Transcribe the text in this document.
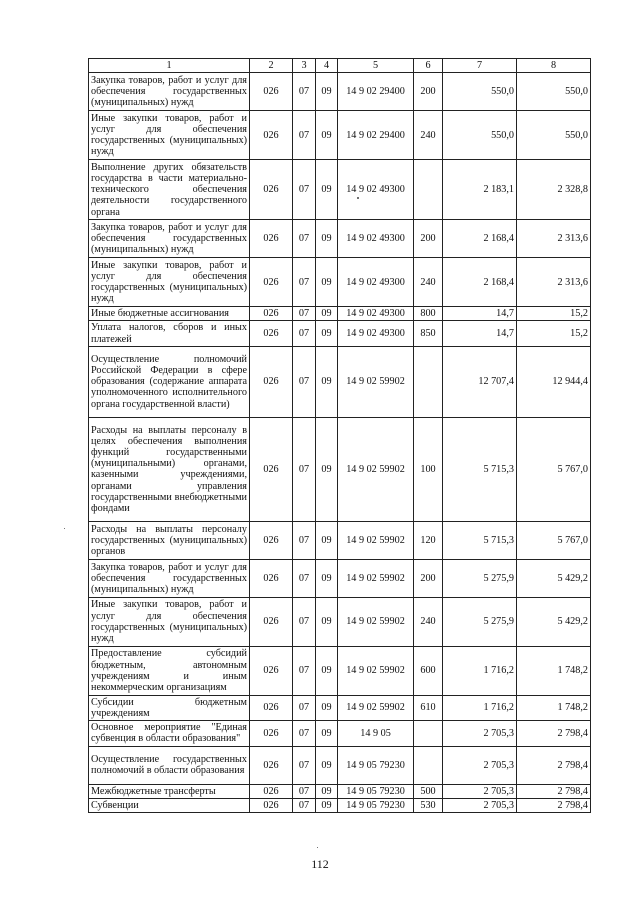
1	2	3	4	5	6	7	8
Закупка товаров, работ и услуг для обеспечения государственных (муниципальных) нужд	026	07	09	14 9 02 29400	200	550,0	550,0
Иные закупки товаров, работ и услуг для обеспечения государственных (муниципальных) нужд	026	07	09	14 9 02 29400	240	550,0	550,0
Выполнение других обязательств государства в части материально-технического обеспечения деятельности государственного органа	026	07	09	14 9 02 49300		2 183,1	2 328,8
Закупка товаров, работ и услуг для обеспечения государственных (муниципальных) нужд	026	07	09	14 9 02 49300	200	2 168,4	2 313,6
Иные закупки товаров, работ и услуг для обеспечения государственных (муниципальных) нужд	026	07	09	14 9 02 49300	240	2 168,4	2 313,6
Иные бюджетные ассигнования	026	07	09	14 9 02 49300	800	14,7	15,2
Уплата налогов, сборов и иных платежей	026	07	09	14 9 02 49300	850	14,7	15,2
Осуществление полномочий Российской Федерации в сфере образования (содержание аппарата уполномоченного исполнительного органа государственной власти)	026	07	09	14 9 02 59902		12 707,4	12 944,4
Расходы на выплаты персоналу в целях обеспечения выполнения функций государственными (муниципальными) органами, казенными учреждениями, органами управления государственными внебюджетными фондами	026	07	09	14 9 02 59902	100	5 715,3	5 767,0
Расходы на выплаты персоналу государственных (муниципальных) органов	026	07	09	14 9 02 59902	120	5 715,3	5 767,0
Закупка товаров, работ и услуг для обеспечения государственных (муниципальных) нужд	026	07	09	14 9 02 59902	200	5 275,9	5 429,2
Иные закупки товаров, работ и услуг для обеспечения государственных (муниципальных) нужд	026	07	09	14 9 02 59902	240	5 275,9	5 429,2
Предоставление субсидий бюджетным, автономным учреждениям и иным некоммерческим организациям	026	07	09	14 9 02 59902	600	1 716,2	1 748,2
Субсидии бюджетным учреждениям	026	07	09	14 9 02 59902	610	1 716,2	1 748,2
Основное мероприятие "Единая субвенция в области образования"	026	07	09	14 9 05		2 705,3	2 798,4
Осуществление государственных полномочий в области образования	026	07	09	14 9 05 79230		2 705,3	2 798,4
Межбюджетные трансферты	026	07	09	14 9 05 79230	500	2 705,3	2 798,4
Субвенции	026	07	09	14 9 05 79230	530	2 705,3	2 798,4
112
